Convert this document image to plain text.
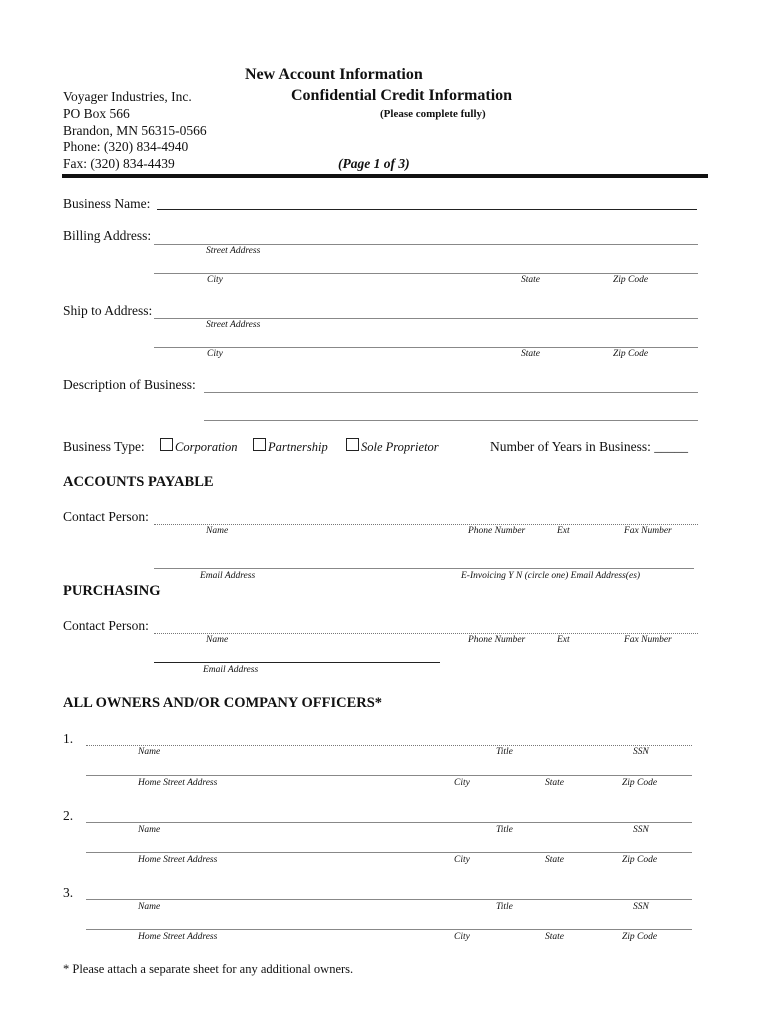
New Account Information
Confidential Credit Information
(Please complete fully)
(Page 1 of 3)
Voyager Industries, Inc.
PO Box 566
Brandon, MN 56315-0566
Phone: (320) 834-4940
Fax: (320) 834-4439
Business Name:
Billing Address:
Street Address
City	State	Zip Code
Ship to Address:
Street Address
City	State	Zip Code
Description of Business:
Business Type: Corporation Partnership	Sole Proprietor	Number of Years in Business: _____
ACCOUNTS PAYABLE
Contact Person:
Name	Phone Number	Ext	Fax Number
Email Address	E-Invoicing Y N (circle one) Email Address(es)
PURCHASING
Contact Person:
Name	Phone Number	Ext	Fax Number
Email Address
ALL OWNERS AND/OR COMPANY OFFICERS*
1.
Name	Title	SSN
Home Street Address	City	State	Zip Code
2.
Name	Title	SSN
Home Street Address	City	State	Zip Code
3.
Name	Title	SSN
Home Street Address	City	State	Zip Code
* Please attach a separate sheet for any additional owners.
